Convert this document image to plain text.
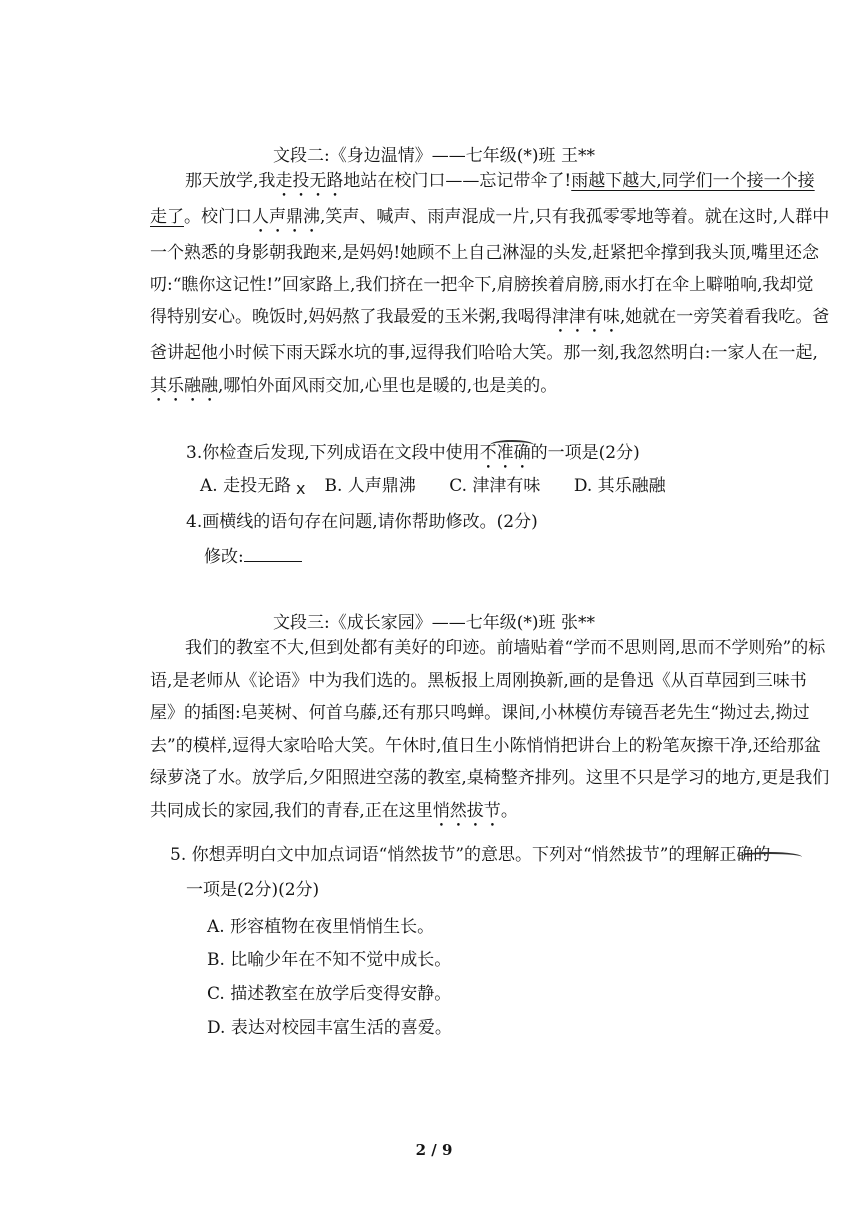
文段二:《身边温情》——七年级(*)班 王**

那天放学,我走投无路地站在校门口——忘记带伞了!雨越下越大,同学们一个接一个接走了。校门口人声鼎沸,笑声、喊声、雨声混成一片,只有我孤零零地等着。就在这时,人群中一个熟悉的身影朝我跑来,是妈妈!她顾不上自己淋湿的头发,赶紧把伞撑到我头顶,嘴里还念叨:“瞧你这记性!”回家路上,我们挤在一把伞下,肩膀挨着肩膀,雨水打在伞上噼啪响,我却觉得特别安心。晚饭时,妈妈熬了我最爱的玉米粥,我喝得津津有味,她就在一旁笑着看我吃。爸爸讲起他小时候下雨天踩水坑的事,逗得我们哈哈大笑。那一刻,我忽然明白:一家人在一起,其乐融融,哪怕外面风雨交加,心里也是暖的,也是美的。

3.你检查后发现,下列成语在文段中使用不准确的一项是(2分)
A. 走投无路 B. 人声鼎沸 C. 津津有味 D. 其乐融融
x
4.画横线的语句存在问题,请你帮助修改。(2分)
修改:
文段三:《成长家园》——七年级(*)班 张**

我们的教室不大,但到处都有美好的印迹。前墙贴着“学而不思则罔,思而不学则殆”的标语,是老师从《论语》中为我们选的。黑板报上周刚换新,画的是鲁迅《从百草园到三味书屋》的插图:皂荚树、何首乌藤,还有那只鸣蝉。课间,小林模仿寿镜吾老先生“拗过去,拗过去”的模样,逗得大家哈哈大笑。午休时,值日生小陈悄悄把讲台上的粉笔灰擦干净,还给那盆绿萝浇了水。放学后,夕阳照进空荡的教室,桌椅整齐排列。这里不只是学习的地方,更是我们共同成长的家园,我们的青春,正在这里悄然拔节。

5. 你想弄明白文中加点词语“悄然拔节”的意思。下列对“悄然拔节”的理解正确的
一项是(2分)(2分)
A. 形容植物在夜里悄悄生长。
B. 比喻少年在不知不觉中成长。
C. 描述教室在放学后变得安静。
D. 表达对校园丰富生活的喜爱。
2 / 9
